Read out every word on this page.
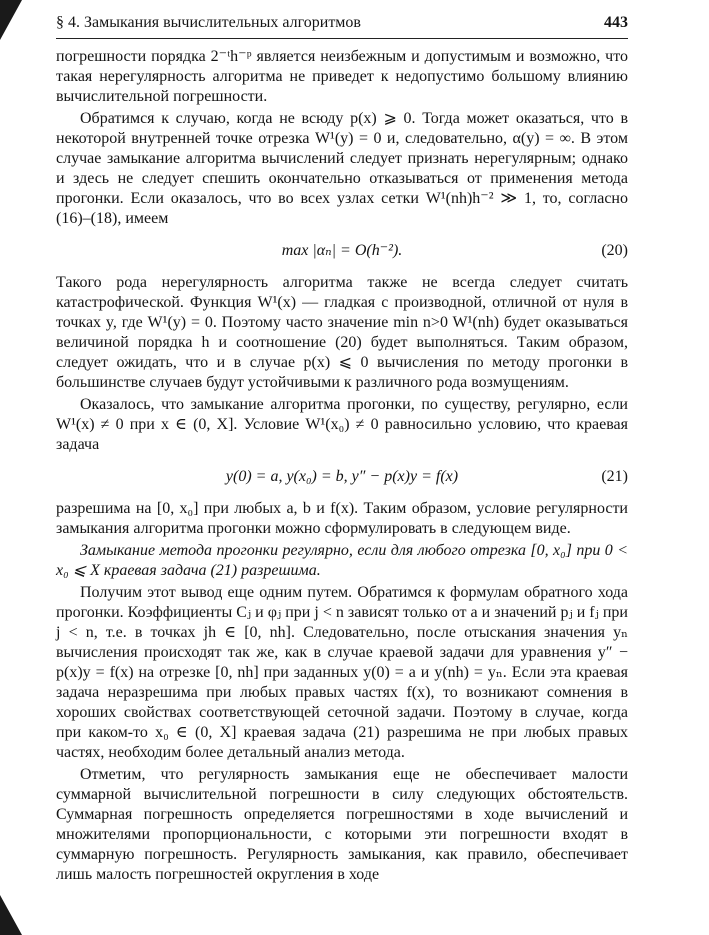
§ 4. Замыкания вычислительных алгоритмов	443

погрешности порядка 2⁻ᵗh⁻ᵖ является неизбежным и допустимым и возможно, что такая нерегулярность алгоритма не приведет к недопустимо большому влиянию вычислительной погрешности.

Обратимся к случаю, когда не всюду p(x) ⩾ 0. Тогда может оказаться, что в некоторой внутренней точке отрезка W¹(y) = 0 и, следовательно, α(y) = ∞. В этом случае замыкание алгоритма вычислений следует признать нерегулярным; однако и здесь не следует спешить окончательно отказываться от применения метода прогонки. Если оказалось, что во всех узлах сетки W¹(nh)h⁻² ≫ 1, то, согласно (16)–(18), имеем

max |αₙ| = O(h⁻²).	(20)

Такого рода нерегулярность алгоритма также не всегда следует считать катастрофической. Функция W¹(x) — гладкая с производной, отличной от нуля в точках y, где W¹(y) = 0. Поэтому часто значение min n>0 W¹(nh) будет оказываться величиной порядка h и соотношение (20) будет выполняться. Таким образом, следует ожидать, что и в случае p(x) ⩽ 0 вычисления по методу прогонки в большинстве случаев будут устойчивыми к различного рода возмущениям.

Оказалось, что замыкание алгоритма прогонки, по существу, регулярно, если W¹(x) ≠ 0 при x ∈ (0, X]. Условие W¹(x₀) ≠ 0 равносильно условию, что краевая задача

y(0) = a, y(x₀) = b, y″ − p(x)y = f(x)	(21)

разрешима на [0, x₀] при любых a, b и f(x). Таким образом, условие регулярности замыкания алгоритма прогонки можно сформулировать в следующем виде.

Замыкание метода прогонки регулярно, если для любого отрезка [0, x₀] при 0 < x₀ ⩽ X краевая задача (21) разрешима.

Получим этот вывод еще одним путем. Обратимся к формулам обратного хода прогонки. Коэффициенты Cⱼ и φⱼ при j < n зависят только от a и значений pⱼ и fⱼ при j < n, т.е. в точках jh ∈ [0, nh]. Следовательно, после отыскания значения yₙ вычисления происходят так же, как в случае краевой задачи для уравнения y″ − p(x)y = f(x) на отрезке [0, nh] при заданных y(0) = a и y(nh) = yₙ. Если эта краевая задача неразрешима при любых правых частях f(x), то возникают сомнения в хороших свойствах соответствующей сеточной задачи. Поэтому в случае, когда при каком-то x₀ ∈ (0, X] краевая задача (21) разрешима не при любых правых частях, необходим более детальный анализ метода.

Отметим, что регулярность замыкания еще не обеспечивает малости суммарной вычислительной погрешности в силу следующих обстоятельств. Суммарная погрешность определяется погрешностями в ходе вычислений и множителями пропорциональности, с которыми эти погрешности входят в суммарную погрешность. Регулярность замыкания, как правило, обеспечивает лишь малость погрешностей округления в ходе
